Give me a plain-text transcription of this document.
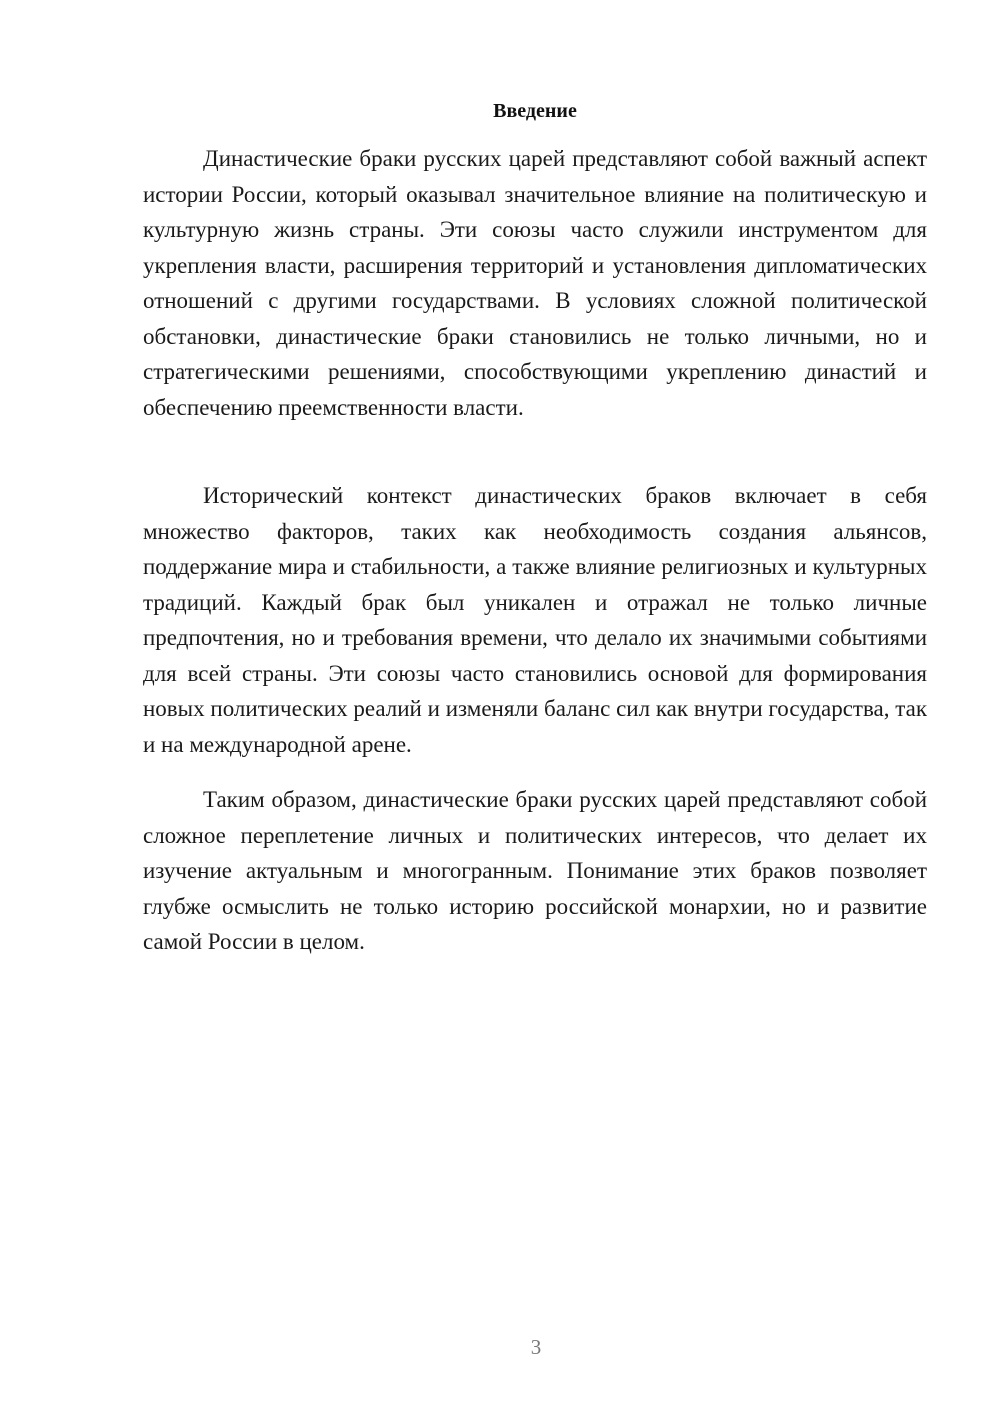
Введение

Династические браки русских царей представляют собой важный аспект истории России, который оказывал значительное влияние на политическую и культурную жизнь страны. Эти союзы часто служили инструментом для укрепления власти, расширения территорий и установления дипломатических отношений с другими государствами. В условиях сложной политической обстановки, династические браки становились не только личными, но и стратегическими решениями, способствующими укреплению династий и обеспечению преемственности власти.

Исторический контекст династических браков включает в себя множество факторов, таких как необходимость создания альянсов, поддержание мира и стабильности, а также влияние религиозных и культурных традиций. Каждый брак был уникален и отражал не только личные предпочтения, но и требования времени, что делало их значимыми событиями для всей страны. Эти союзы часто становились основой для формирования новых политических реалий и изменяли баланс сил как внутри государства, так и на международной арене.

Таким образом, династические браки русских царей представляют собой сложное переплетение личных и политических интересов, что делает их изучение актуальным и многогранным. Понимание этих браков позволяет глубже осмыслить не только историю российской монархии, но и развитие самой России в целом.

3
